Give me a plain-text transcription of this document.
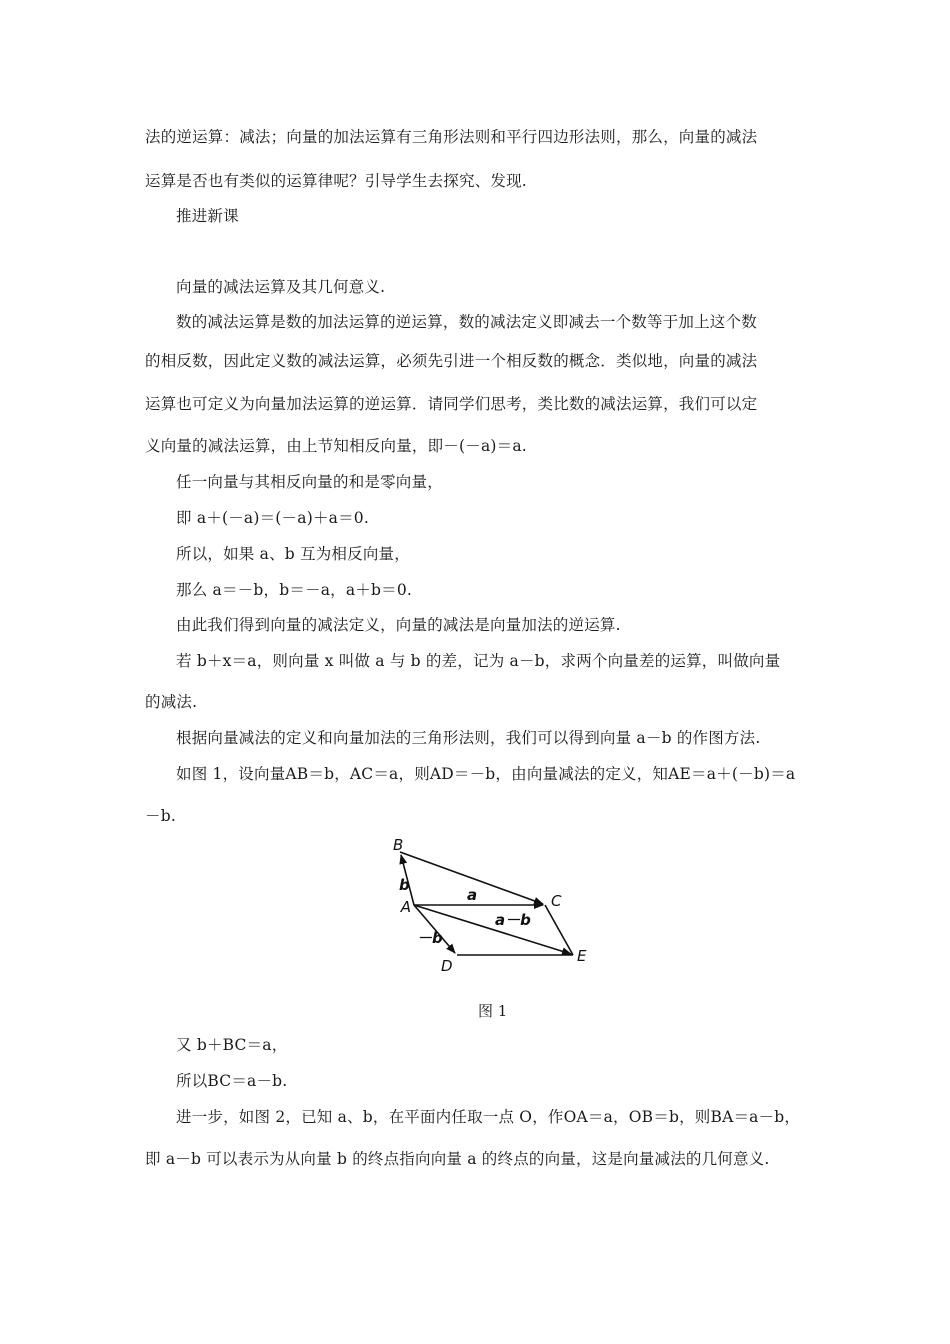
法的逆运算：减法；向量的加法运算有三角形法则和平行四边形法则，那么，向量的减法
运算是否也有类似的运算律呢？引导学生去探究、发现.
推进新课
向量的减法运算及其几何意义.
数的减法运算是数的加法运算的逆运算，数的减法定义即减去一个数等于加上这个数
的相反数，因此定义数的减法运算，必须先引进一个相反数的概念．类似地，向量的减法
运算也可定义为向量加法运算的逆运算．请同学们思考，类比数的减法运算，我们可以定
义向量的减法运算，由上节知相反向量，即－(－a)＝a.
任一向量与其相反向量的和是零向量，
即 a＋(－a)＝(－a)＋a＝0.
所以，如果 a、b 互为相反向量，
那么 a＝－b，b＝－a，a＋b＝0.
由此我们得到向量的减法定义，向量的减法是向量加法的逆运算.
若 b＋x＝a，则向量 x 叫做 a 与 b 的差，记为 a－b，求两个向量差的运算，叫做向量
的减法.
根据向量减法的定义和向量加法的三角形法则，我们可以得到向量 a－b 的作图方法.
如图 1，设向量AB＝b，AC＝a，则AD＝－b，由向量减法的定义，知AE＝a＋(－b)＝a
－b.
B
A	C
D
E
b
a
a－b
－b
图 1
又 b＋BC＝a，
所以BC＝a－b.
进一步，如图 2，已知 a、b，在平面内任取一点 O，作OA＝a，OB＝b，则BA＝a－b，
即 a－b 可以表示为从向量 b 的终点指向向量 a 的终点的向量，这是向量减法的几何意义.
